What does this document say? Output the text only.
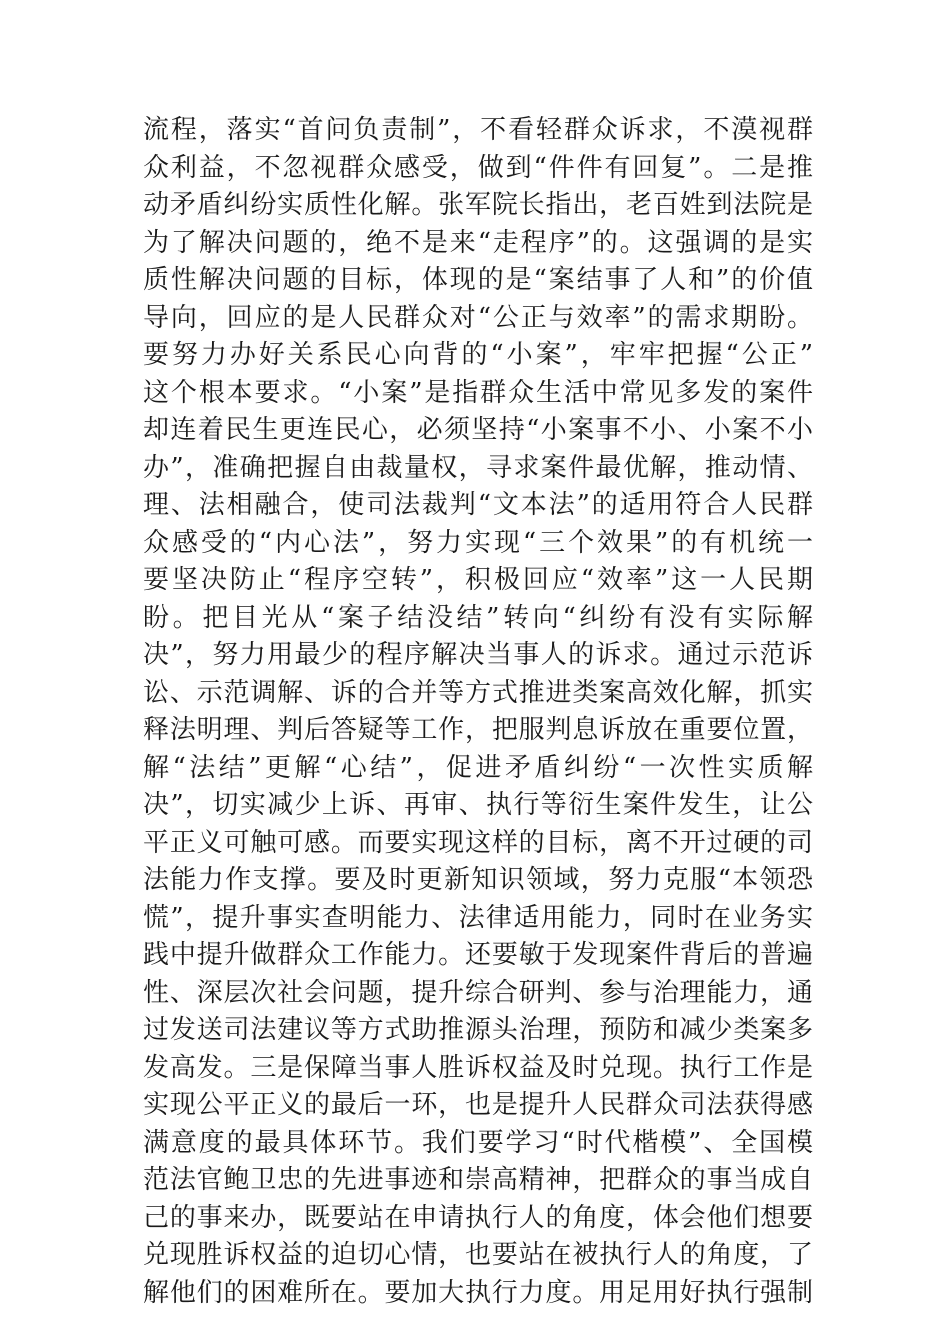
流程，落实“首问负责制”，不看轻群众诉求，不漠视群
众利益，不忽视群众感受，做到“件件有回复”。二是推
动矛盾纠纷实质性化解。张军院长指出，老百姓到法院是
为了解决问题的，绝不是来“走程序”的。这强调的是实
质性解决问题的目标，体现的是“案结事了人和”的价值
导向，回应的是人民群众对“公正与效率”的需求期盼。
要努力办好关系民心向背的“小案”，牢牢把握“公正”
这个根本要求。“小案”是指群众生活中常见多发的案件
却连着民生更连民心，必须坚持“小案事不小、小案不小
办”，准确把握自由裁量权，寻求案件最优解，推动情、
理、法相融合，使司法裁判“文本法”的适用符合人民群
众感受的“内心法”，努力实现“三个效果”的有机统一
要坚决防止“程序空转”，积极回应“效率”这一人民期
盼。把目光从“案子结没结”转向“纠纷有没有实际解
决”，努力用最少的程序解决当事人的诉求。通过示范诉
讼、示范调解、诉的合并等方式推进类案高效化解，抓实
释法明理、判后答疑等工作，把服判息诉放在重要位置，
解“法结”更解“心结”，促进矛盾纠纷“一次性实质解
决”，切实减少上诉、再审、执行等衍生案件发生，让公
平正义可触可感。而要实现这样的目标，离不开过硬的司
法能力作支撑。要及时更新知识领域，努力克服“本领恐
慌”，提升事实查明能力、法律适用能力，同时在业务实
践中提升做群众工作能力。还要敏于发现案件背后的普遍
性、深层次社会问题，提升综合研判、参与治理能力，通
过发送司法建议等方式助推源头治理，预防和减少类案多
发高发。三是保障当事人胜诉权益及时兑现。执行工作是
实现公平正义的最后一环，也是提升人民群众司法获得感
满意度的最具体环节。我们要学习“时代楷模”、全国模
范法官鲍卫忠的先进事迹和崇高精神，把群众的事当成自
己的事来办，既要站在申请执行人的角度，体会他们想要
兑现胜诉权益的迫切心情，也要站在被执行人的角度，了
解他们的困难所在。要加大执行力度。用足用好执行强制
